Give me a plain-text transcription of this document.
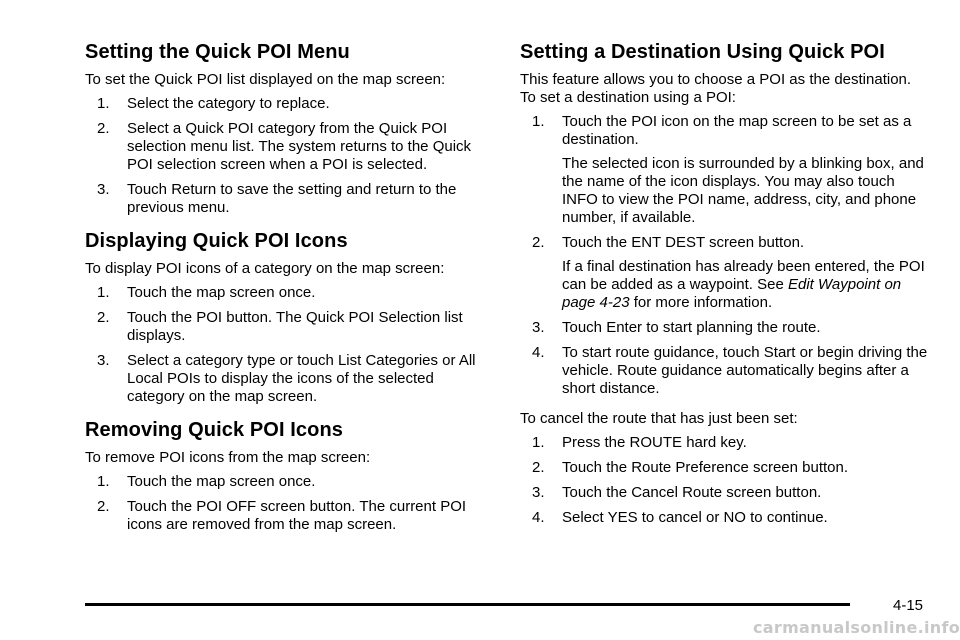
Setting the Quick POI Menu

To set the Quick POI list displayed on the map screen:

1. Select the category to replace.
2. Select a Quick POI category from the Quick POI selection menu list. The system returns to the Quick POI selection screen when a POI is selected.
3. Touch Return to save the setting and return to the previous menu.
Displaying Quick POI Icons

To display POI icons of a category on the map screen:

1. Touch the map screen once.
2. Touch the POI button. The Quick POI Selection list displays.
3. Select a category type or touch List Categories or All Local POIs to display the icons of the selected category on the map screen.
Removing Quick POI Icons

To remove POI icons from the map screen:

1. Touch the map screen once.
2. Touch the POI OFF screen button. The current POI icons are removed from the map screen.
Setting a Destination Using Quick POI

This feature allows you to choose a POI as the destination. To set a destination using a POI:

1. Touch the POI icon on the map screen to be set as a destination.

The selected icon is surrounded by a blinking box, and the name of the icon displays. You may also touch INFO to view the POI name, address, city, and phone number, if available.

2. Touch the ENT DEST screen button.

If a final destination has already been entered, the POI can be added as a waypoint. See Edit Waypoint on page 4-23 for more information.

3. Touch Enter to start planning the route.
4. To start route guidance, touch Start or begin driving the vehicle. Route guidance automatically begins after a short distance.

To cancel the route that has just been set:

1. Press the ROUTE hard key.
2. Touch the Route Preference screen button.
3. Touch the Cancel Route screen button.
4. Select YES to cancel or NO to continue.
4-15
carmanualsonline.info
